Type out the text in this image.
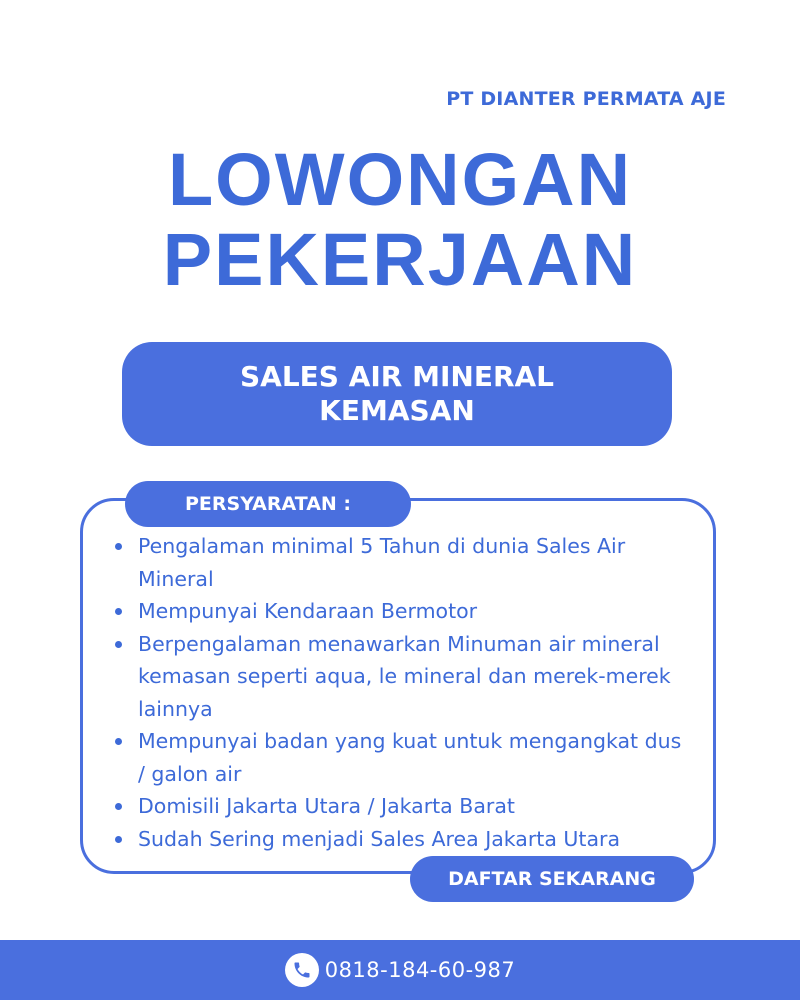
PT DIANTER PERMATA AJE
LOWONGAN
PEKERJAAN
SALES AIR MINERAL
KEMASAN
PERSYARATAN :
Pengalaman minimal 5 Tahun di dunia Sales Air Mineral
Mempunyai Kendaraan Bermotor
Berpengalaman menawarkan Minuman air mineral kemasan seperti aqua, le mineral dan merek-merek lainnya
Mempunyai badan yang kuat untuk mengangkat dus / galon air
Domisili Jakarta Utara / Jakarta Barat
Sudah Sering menjadi Sales Area Jakarta Utara
DAFTAR SEKARANG
0818-184-60-987
